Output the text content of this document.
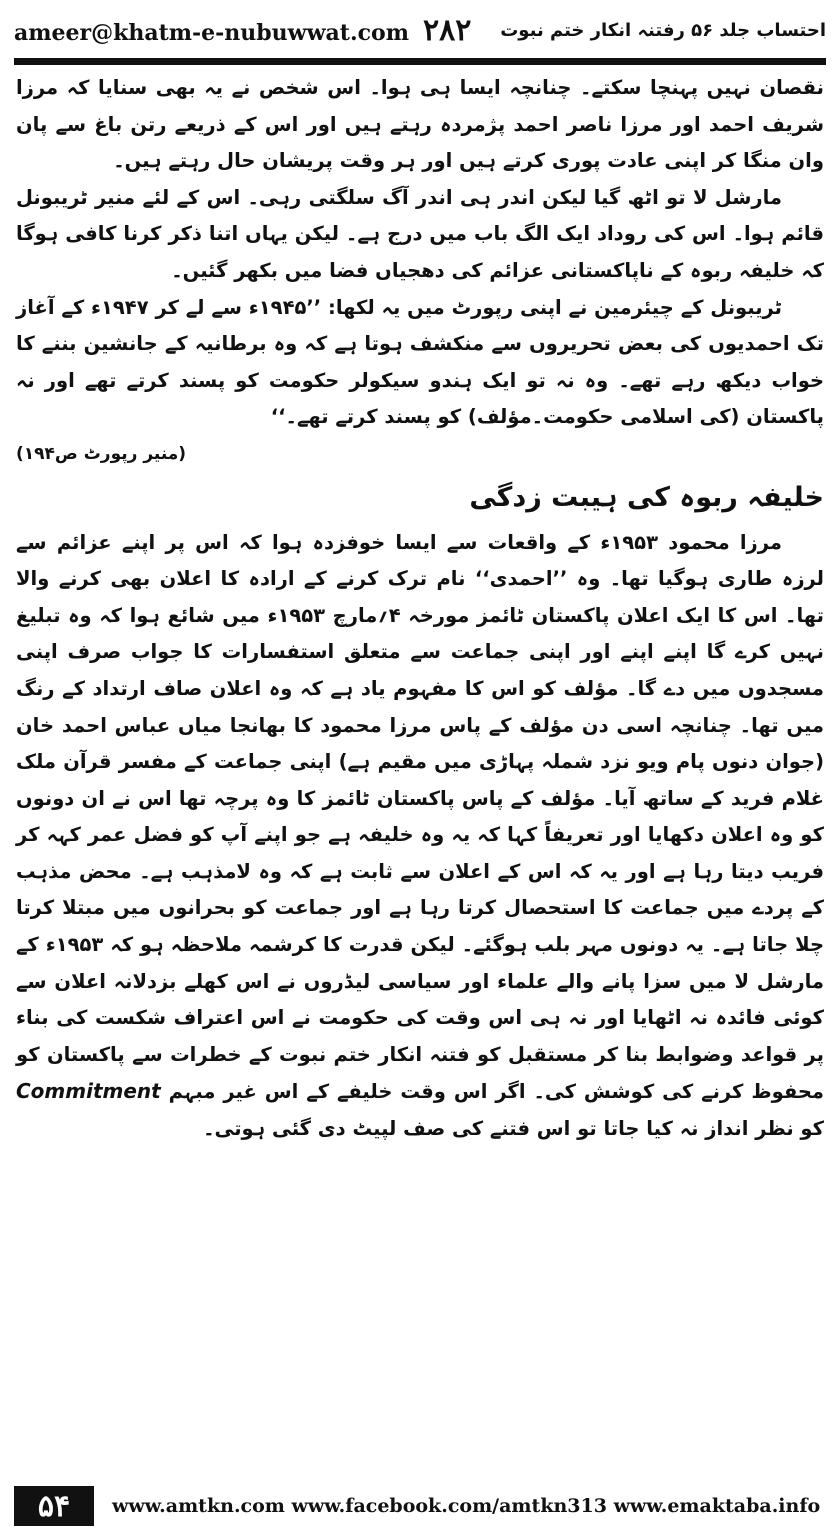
ameer@khatm-e-nubuwwat.com ۲۸۲ احتساب جلد ۵۶ رفتنہ انکار ختم نبوت

نقصان نہیں پہنچا سکتے۔ چنانچہ ایسا ہی ہوا۔ اس شخص نے یہ بھی سنایا کہ مرزا شریف احمد اور مرزا ناصر احمد پژمردہ رہتے ہیں اور اس کے ذریعے رتن باغ سے پان وان منگا کر اپنی عادت پوری کرتے ہیں اور ہر وقت پریشان حال رہتے ہیں۔

مارشل لا تو اٹھ گیا لیکن اندر ہی اندر آگ سلگتی رہی۔ اس کے لئے منیر ٹریبونل قائم ہوا۔ اس کی روداد ایک الگ باب میں درج ہے۔ لیکن یہاں اتنا ذکر کرنا کافی ہوگا کہ خلیفہ ربوہ کے ناپاکستانی عزائم کی دھجیاں فضا میں بکھر گئیں۔

ٹریبونل کے چیئرمین نے اپنی رپورٹ میں یہ لکھا: ’’۱۹۴۵ء سے لے کر ۱۹۴۷ء کے آغاز تک احمدیوں کی بعض تحریروں سے منکشف ہوتا ہے کہ وہ برطانیہ کے جانشین بننے کا خواب دیکھ رہے تھے۔ وہ نہ تو ایک ہندو سیکولر حکومت کو پسند کرتے تھے اور نہ پاکستان (کی اسلامی حکومت۔مؤلف) کو پسند کرتے تھے۔‘‘

(منیر رپورٹ ص۱۹۴)
خلیفہ ربوہ کی ہیبت زدگی

مرزا محمود ۱۹۵۳ء کے واقعات سے ایسا خوفزدہ ہوا کہ اس پر اپنے عزائم سے لرزہ طاری ہوگیا تھا۔ وہ ’’احمدی‘‘ نام ترک کرنے کے ارادہ کا اعلان بھی کرنے والا تھا۔ اس کا ایک اعلان پاکستان ٹائمز مورخہ ۴؍مارچ ۱۹۵۳ء میں شائع ہوا کہ وہ تبلیغ نہیں کرے گا اپنے اپنے اور اپنی جماعت سے متعلق استفسارات کا جواب صرف اپنی مسجدوں میں دے گا۔ مؤلف کو اس کا مفہوم یاد ہے کہ وہ اعلان صاف ارتداد کے رنگ میں تھا۔ چنانچہ اسی دن مؤلف کے پاس مرزا محمود کا بھانجا میاں عباس احمد خان (جوان دنوں پام ویو نزد شملہ پہاڑی میں مقیم ہے) اپنی جماعت کے مفسر قرآن ملک غلام فرید کے ساتھ آیا۔ مؤلف کے پاس پاکستان ٹائمز کا وہ پرچہ تھا اس نے ان دونوں کو وہ اعلان دکھایا اور تعریفاً کہا کہ یہ وہ خلیفہ ہے جو اپنے آپ کو فضل عمر کہہ کر فریب دیتا رہا ہے اور یہ کہ اس کے اعلان سے ثابت ہے کہ وہ لامذہب ہے۔ محض مذہب کے پردے میں جماعت کا استحصال کرتا رہا ہے اور جماعت کو بحرانوں میں مبتلا کرتا چلا جاتا ہے۔ یہ دونوں مہر بلب ہوگئے۔ لیکن قدرت کا کرشمہ ملاحظہ ہو کہ ۱۹۵۳ء کے مارشل لا میں سزا پانے والے علماء اور سیاسی لیڈروں نے اس کھلے بزدلانہ اعلان سے کوئی فائدہ نہ اٹھایا اور نہ ہی اس وقت کی حکومت نے اس اعتراف شکست کی بناء پر قواعد وضوابط بنا کر مستقبل کو فتنہ انکار ختم نبوت کے خطرات سے پاکستان کو محفوظ کرنے کی کوشش کی۔ اگر اس وقت خلیفے کے اس غیر مبہم Commitment کو نظر انداز نہ کیا جاتا تو اس فتنے کی صف لپیٹ دی گئی ہوتی۔

۵۴	www.amtkn.com www.facebook.com/amtkn313 www.emaktaba.info
